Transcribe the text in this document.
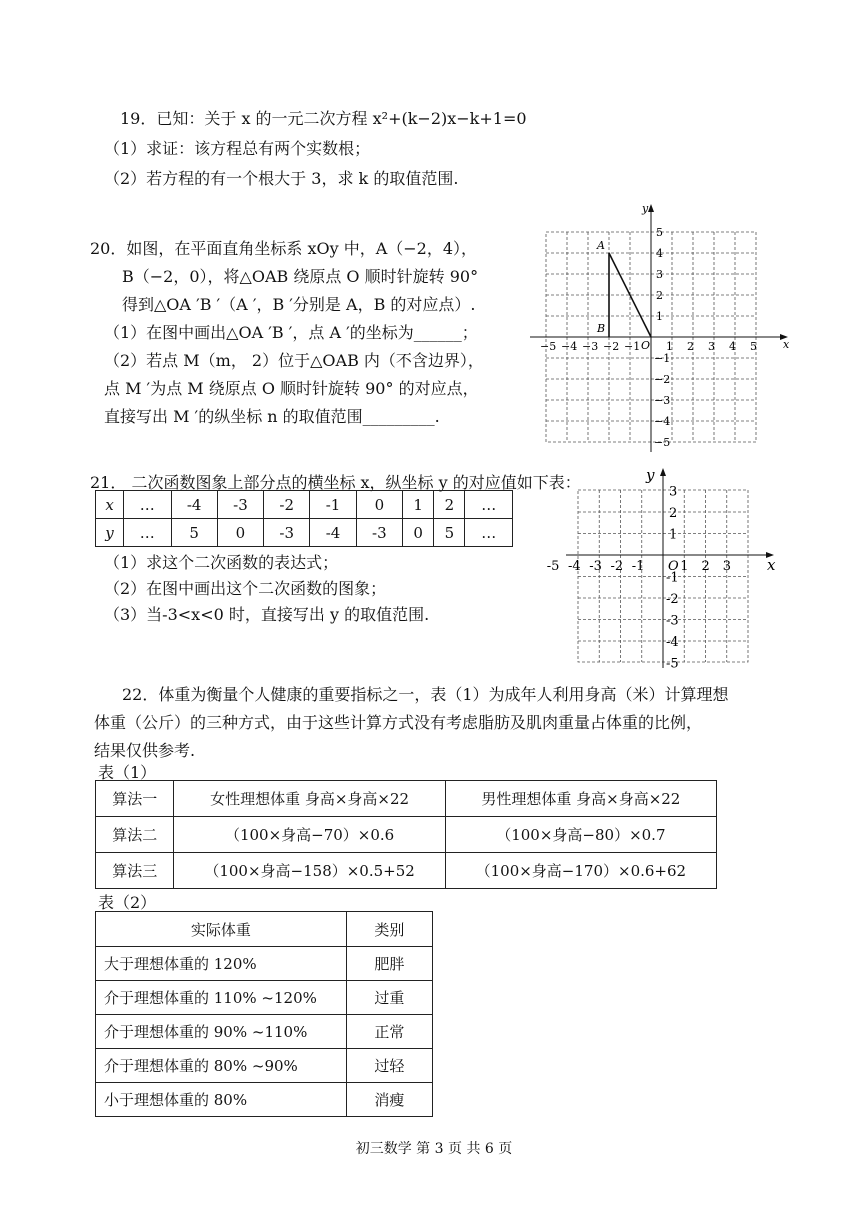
19．已知：关于 x 的一元二次方程 x²+(k−2)x−k+1=0
（1）求证：该方程总有两个实数根；
（2）若方程的有一个根大于 3，求 k 的取值范围.
20．如图，在平面直角坐标系 xOy 中，A（−2，4），
B（−2，0），将△OAB 绕原点 O 顺时针旋转 90°
得到△OA ′B ′（A ′，B ′分别是 A，B 的对应点）.
（1）在图中画出△OA ′B ′，点 A ′的坐标为______；
（2）若点 M（m， 2）位于△OAB 内（不含边界），
点 M ′为点 M 绕原点 O 顺时针旋转 90° 的对应点，
直接写出 M ′的纵坐标 n 的取值范围_________.
x
y
O
A
B
−5 −4 −3 −2 −1 1 2 3 4 5
5
4
3
2
1
−1
−2
−3
−4
−5
21． 二次函数图象上部分点的横坐标 x，纵坐标 y 的对应值如下表：
x	…	-4	-3	-2	-1	0	1	2	…
y	…	5	0	-3	-4	-3	0	5	…
（1）求这个二次函数的表达式；
（2）在图中画出这个二次函数的图象；
（3）当-3<x<0 时，直接写出 y 的取值范围.
x
y
O
-5 -4 -3 -2 -1	1 2 3
3
2
1
-1
-2
-3
-4
-5
22．体重为衡量个人健康的重要指标之一，表（1）为成年人利用身高（米）计算理想
体重（公斤）的三种方式，由于这些计算方式没有考虑脂肪及肌肉重量占体重的比例，
结果仅供参考.
表（1）
算法一	女性理想体重 身高×身高×22	男性理想体重 身高×身高×22
算法二	（100×身高−70）×0.6	（100×身高−80）×0.7
算法三	（100×身高−158）×0.5+52	（100×身高−170）×0.6+62
表（2）
实际体重	类别
大于理想体重的 120%	肥胖
介于理想体重的 110% ~120%	过重
介于理想体重的 90% ~110%	正常
介于理想体重的 80% ~90%	过轻
小于理想体重的 80%	消瘦
初三数学 第 3 页 共 6 页
